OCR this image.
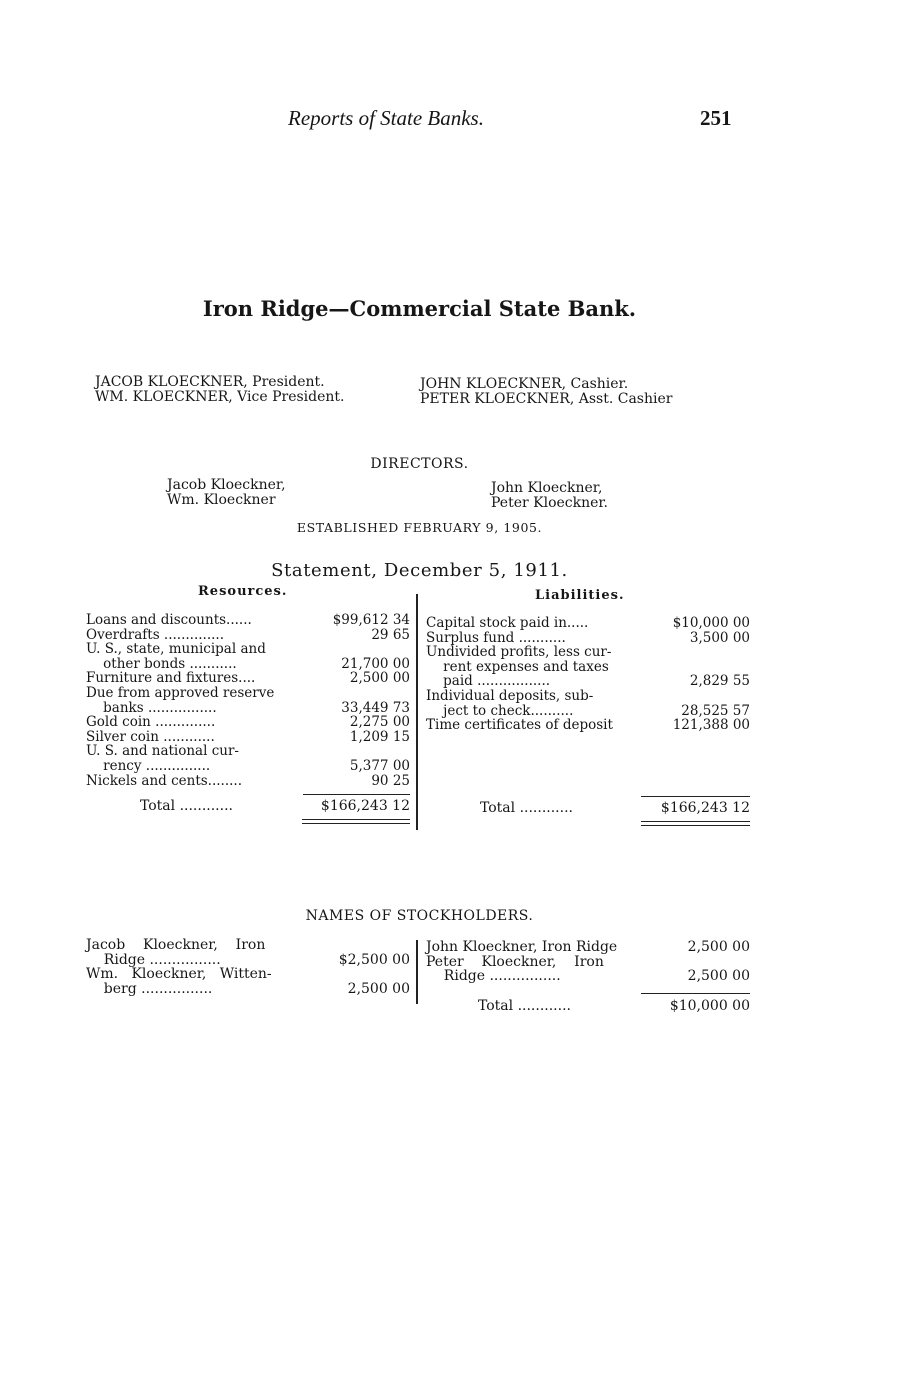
Reports of State Banks.	251
Iron Ridge—Commercial State Bank.
JACOB KLOECKNER, President.
WM. KLOECKNER, Vice President.
JOHN KLOECKNER, Cashier.
PETER KLOECKNER, Asst. Cashier
DIRECTORS.
Jacob Kloeckner,
Wm. Kloeckner
John Kloeckner,
Peter Kloeckner.
ESTABLISHED FEBRUARY 9, 1905.
Statement, December 5, 1911.
Resources.	Liabilities.
Loans and discounts......	$99,612 34
Overdrafts ..............	29 65
U. S., state, municipal and
other bonds ...........	21,700 00
Furniture and fixtures....	2,500 00
Due from approved reserve
banks ................	33,449 73
Gold coin ..............	2,275 00
Silver coin ............	1,209 15
U. S. and national cur-
rency ...............	5,377 00
Nickels and cents........	90 25
Capital stock paid in.....	$10,000 00
Surplus fund ...........	3,500 00
Undivided profits, less cur-
rent expenses and taxes
paid .................	2,829 55
Individual deposits, sub-
ject to check..........	28,525 57
Time certificates of deposit	121,388 00
Total ............	$166,243 12	Total ............	$166,243 12
NAMES OF STOCKHOLDERS.
Jacob    Kloeckner,    Iron
Ridge ................	$2,500 00
Wm.   Kloeckner,   Witten-
berg ................	2,500 00
John Kloeckner, Iron Ridge	2,500 00
Peter    Kloeckner,    Iron
Ridge ................	2,500 00
Total ............	$10,000 00
